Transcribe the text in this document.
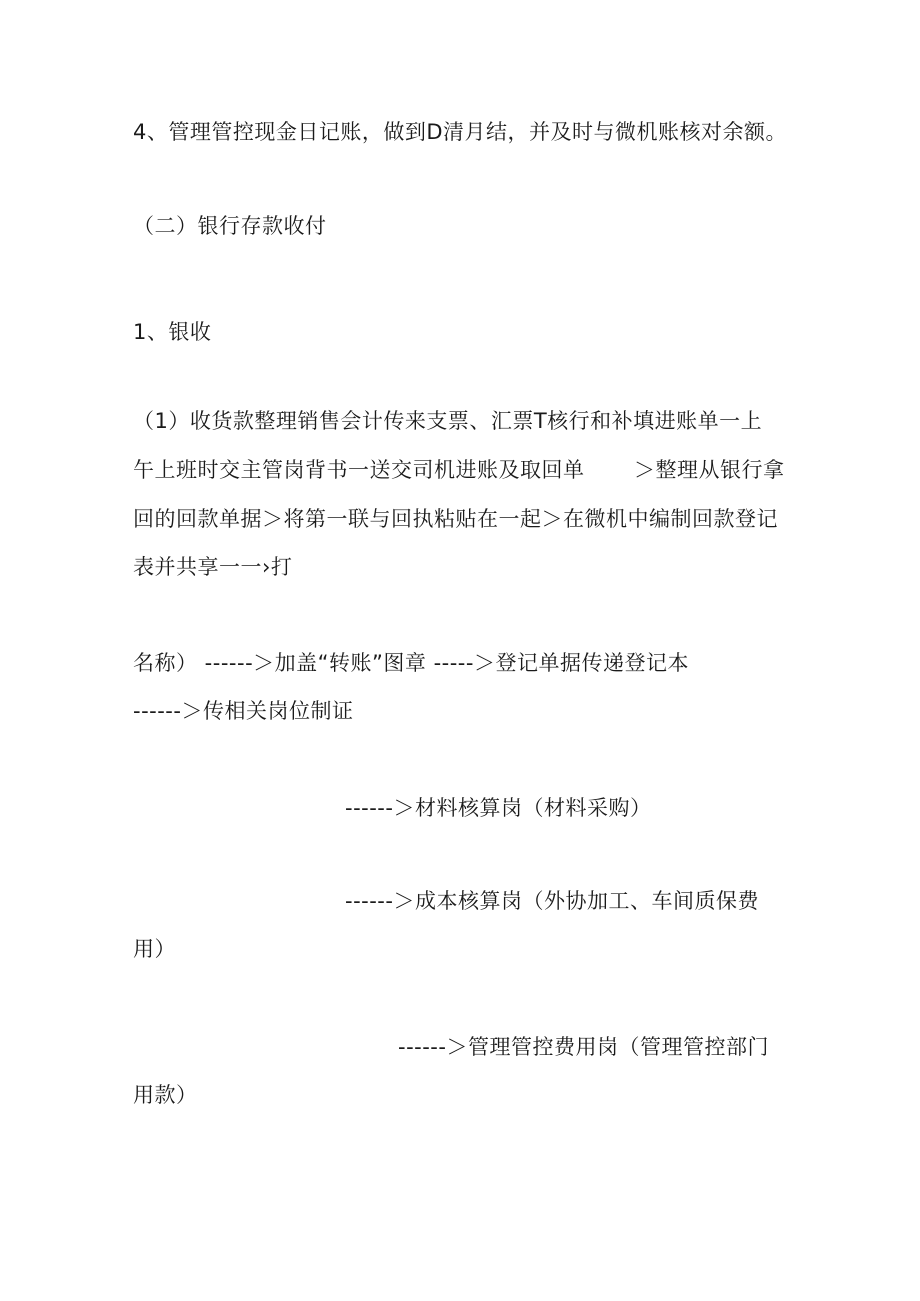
4、管理管控现金日记账，做到D清月结，并及时与微机账核对余额。
（二）银行存款收付
1、银收
（1）收货款整理销售会计传来支票、汇票T核行和补填进账单一上
午上班时交主管岗背书一送交司机进账及取回单 ＞整理从银行拿
回的回款单据＞将第一联与回执粘贴在一起＞在微机中编制回款登记
表并共享一一›打
名称） ------＞加盖“转账”图章 -----＞登记单据传递登记本
------＞传相关岗位制证
------＞材料核算岗（材料采购）
------＞成本核算岗（外协加工、车间质保费
用）
------＞管理管控费用岗（管理管控部门
用款）
